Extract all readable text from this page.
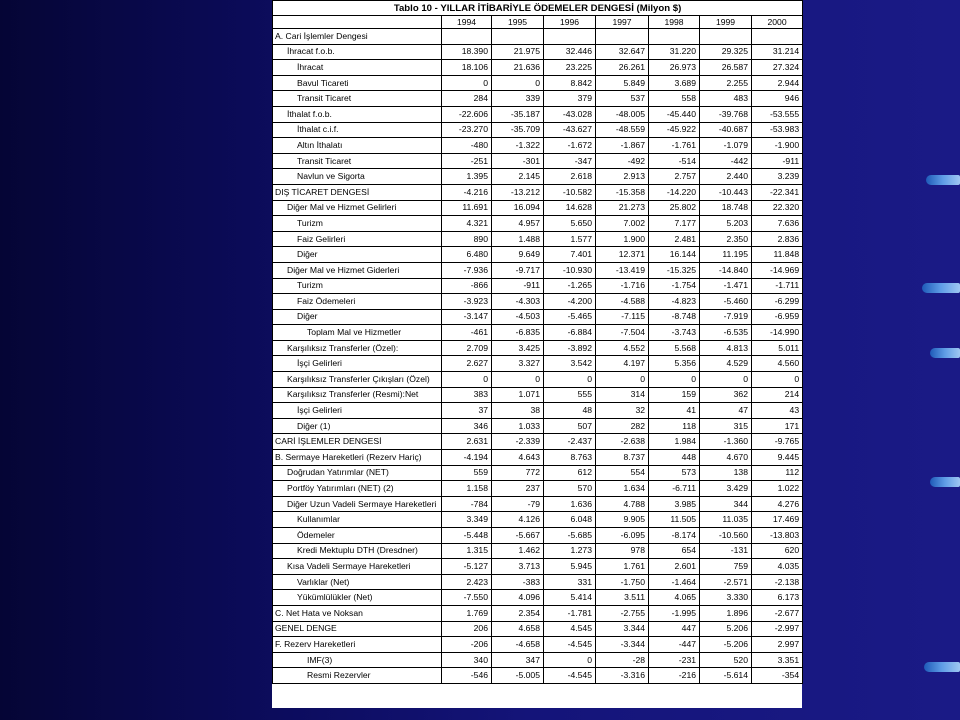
Tablo 10 - YILLAR İTİBARİYLE ÖDEMELER DENGESİ (Milyon $)							
	1994	1995	1996	1997	1998	1999	2000
A. Cari İşlemler Dengesi							
İhracat f.o.b.	18.390	21.975	32.446	32.647	31.220	29.325	31.214
İhracat	18.106	21.636	23.225	26.261	26.973	26.587	27.324
Bavul Ticareti	0	0	8.842	5.849	3.689	2.255	2.944
Transit Ticaret	284	339	379	537	558	483	946
İthalat f.o.b.	-22.606	-35.187	-43.028	-48.005	-45.440	-39.768	-53.555
İthalat c.i.f.	-23.270	-35.709	-43.627	-48.559	-45.922	-40.687	-53.983
Altın İthalatı	-480	-1.322	-1.672	-1.867	-1.761	-1.079	-1.900
Transit Ticaret	-251	-301	-347	-492	-514	-442	-911
Navlun ve Sigorta	1.395	2.145	2.618	2.913	2.757	2.440	3.239
DIŞ TİCARET DENGESİ	-4.216	-13.212	-10.582	-15.358	-14.220	-10.443	-22.341
Diğer Mal ve Hizmet Gelirleri	11.691	16.094	14.628	21.273	25.802	18.748	22.320
Turizm	4.321	4.957	5.650	7.002	7.177	5.203	7.636
Faiz Gelirleri	890	1.488	1.577	1.900	2.481	2.350	2.836
Diğer	6.480	9.649	7.401	12.371	16.144	11.195	11.848
Diğer Mal ve Hizmet Giderleri	-7.936	-9.717	-10.930	-13.419	-15.325	-14.840	-14.969
Turizm	-866	-911	-1.265	-1.716	-1.754	-1.471	-1.711
Faiz Ödemeleri	-3.923	-4.303	-4.200	-4.588	-4.823	-5.460	-6.299
Diğer	-3.147	-4.503	-5.465	-7.115	-8.748	-7.919	-6.959
Toplam Mal ve Hizmetler	-461	-6.835	-6.884	-7.504	-3.743	-6.535	-14.990
Karşılıksız Transferler (Özel):	2.709	3.425	-3.892	4.552	5.568	4.813	5.011
İşçi Gelirleri	2.627	3.327	3.542	4.197	5.356	4.529	4.560
Karşılıksız Transferler Çıkışları (Özel)	0	0	0	0	0	0	0
Karşılıksız Transferler (Resmi):Net	383	1.071	555	314	159	362	214
İşçi Gelirleri	37	38	48	32	41	47	43
Diğer (1)	346	1.033	507	282	118	315	171
CARİ İŞLEMLER DENGESİ	2.631	-2.339	-2.437	-2.638	1.984	-1.360	-9.765
B. Sermaye Hareketleri (Rezerv Hariç)	-4.194	4.643	8.763	8.737	448	4.670	9.445
Doğrudan Yatırımlar (NET)	559	772	612	554	573	138	112
Portföy Yatırımları (NET) (2)	1.158	237	570	1.634	-6.711	3.429	1.022
Diğer Uzun Vadeli Sermaye Hareketleri	-784	-79	1.636	4.788	3.985	344	4.276
Kullanımlar	3.349	4.126	6.048	9.905	11.505	11.035	17.469
Ödemeler	-5.448	-5.667	-5.685	-6.095	-8.174	-10.560	-13.803
Kredi Mektuplu DTH (Dresdner)	1.315	1.462	1.273	978	654	-131	620
Kısa Vadeli Sermaye Hareketleri	-5.127	3.713	5.945	1.761	2.601	759	4.035
Varlıklar (Net)	2.423	-383	331	-1.750	-1.464	-2.571	-2.138
Yükümlülükler (Net)	-7.550	4.096	5.414	3.511	4.065	3.330	6.173
C. Net Hata ve Noksan	1.769	2.354	-1.781	-2.755	-1.995	1.896	-2.677
GENEL DENGE	206	4.658	4.545	3.344	447	5.206	-2.997
F. Rezerv Hareketleri	-206	-4.658	-4.545	-3.344	-447	-5.206	2.997
IMF(3)	340	347	0	-28	-231	520	3.351
Resmi Rezervler	-546	-5.005	-4.545	-3.316	-216	-5.614	-354
